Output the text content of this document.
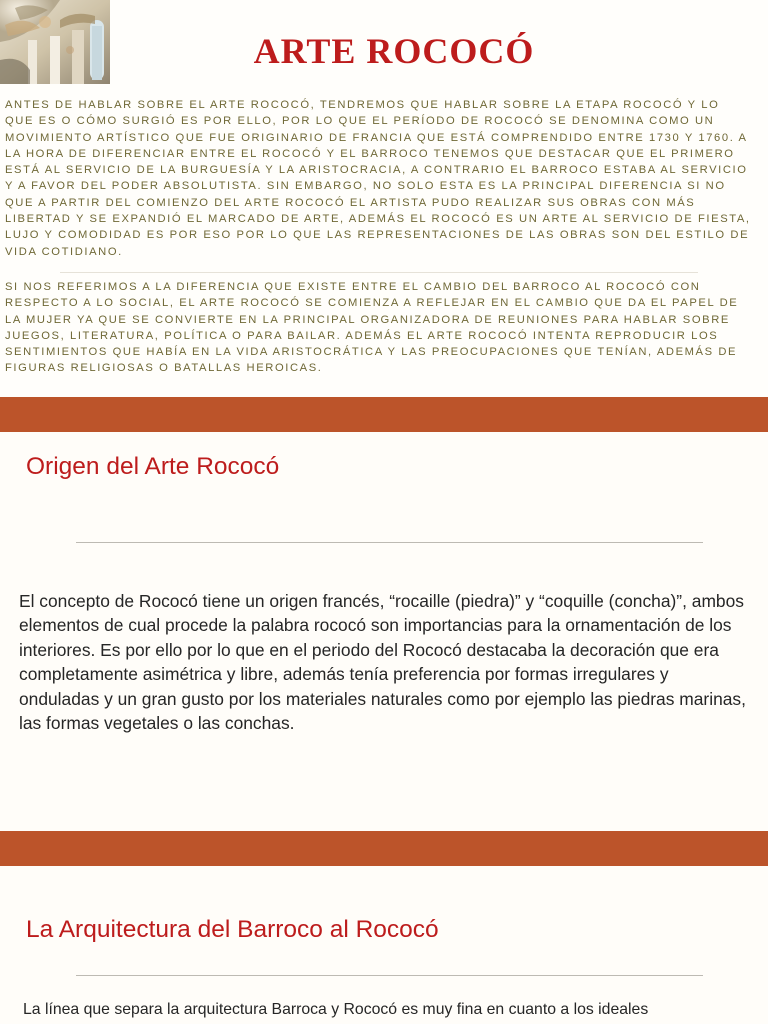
ARTE ROCOCÓ

ANTES DE HABLAR SOBRE EL ARTE ROCOCÓ, TENDREMOS QUE HABLAR SOBRE LA ETAPA ROCOCÓ Y LO QUE ES O CÓMO SURGIÓ ES POR ELLO, POR LO QUE EL PERÍODO DE ROCOCÓ SE DENOMINA COMO UN MOVIMIENTO ARTÍSTICO QUE FUE ORIGINARIO DE FRANCIA QUE ESTÁ COMPRENDIDO ENTRE 1730 Y 1760. A LA HORA DE DIFERENCIAR ENTRE EL ROCOCÓ Y EL BARROCO TENEMOS QUE DESTACAR QUE EL PRIMERO ESTÁ AL SERVICIO DE LA BURGUESÍA Y LA ARISTOCRACIA, A CONTRARIO EL BARROCO ESTABA AL SERVICIO Y A FAVOR DEL PODER ABSOLUTISTA. SIN EMBARGO, NO SOLO ESTA ES LA PRINCIPAL DIFERENCIA SI NO QUE A PARTIR DEL COMIENZO DEL ARTE ROCOCÓ EL ARTISTA PUDO REALIZAR SUS OBRAS CON MÁS LIBERTAD Y SE EXPANDIÓ EL MARCADO DE ARTE, ADEMÁS EL ROCOCÓ ES UN ARTE AL SERVICIO DE FIESTA, LUJO Y COMODIDAD ES POR ESO POR LO QUE LAS REPRESENTACIONES DE LAS OBRAS SON DEL ESTILO DE VIDA COTIDIANO.

SI NOS REFERIMOS A LA DIFERENCIA QUE EXISTE ENTRE EL CAMBIO DEL BARROCO AL ROCOCÓ CON RESPECTO A LO SOCIAL, EL ARTE ROCOCÓ SE COMIENZA A REFLEJAR EN EL CAMBIO QUE DA EL PAPEL DE LA MUJER YA QUE SE CONVIERTE EN LA PRINCIPAL ORGANIZADORA DE REUNIONES PARA HABLAR SOBRE JUEGOS, LITERATURA, POLÍTICA O PARA BAILAR. ADEMÁS EL ARTE ROCOCÓ INTENTA REPRODUCIR LOS SENTIMIENTOS QUE HABÍA EN LA VIDA ARISTOCRÁTICA Y LAS PREOCUPACIONES QUE TENÍAN, ADEMÁS DE FIGURAS RELIGIOSAS O BATALLAS HEROICAS.

Origen del Arte Rococó

El concepto de Rococó tiene un origen francés, “rocaille (piedra)” y “coquille (concha)”, ambos elementos de cual procede la palabra rococó son importancias para la ornamentación de los interiores. Es por ello por lo que en el periodo del Rococó destacaba la decoración que era completamente asimétrica y libre, además tenía preferencia por formas irregulares y onduladas y un gran gusto por los materiales naturales como por ejemplo las piedras marinas, las formas vegetales o las conchas.

La Arquitectura del Barroco al Rococó

La línea que separa la arquitectura Barroca y Rococó es muy fina en cuanto a los ideales
